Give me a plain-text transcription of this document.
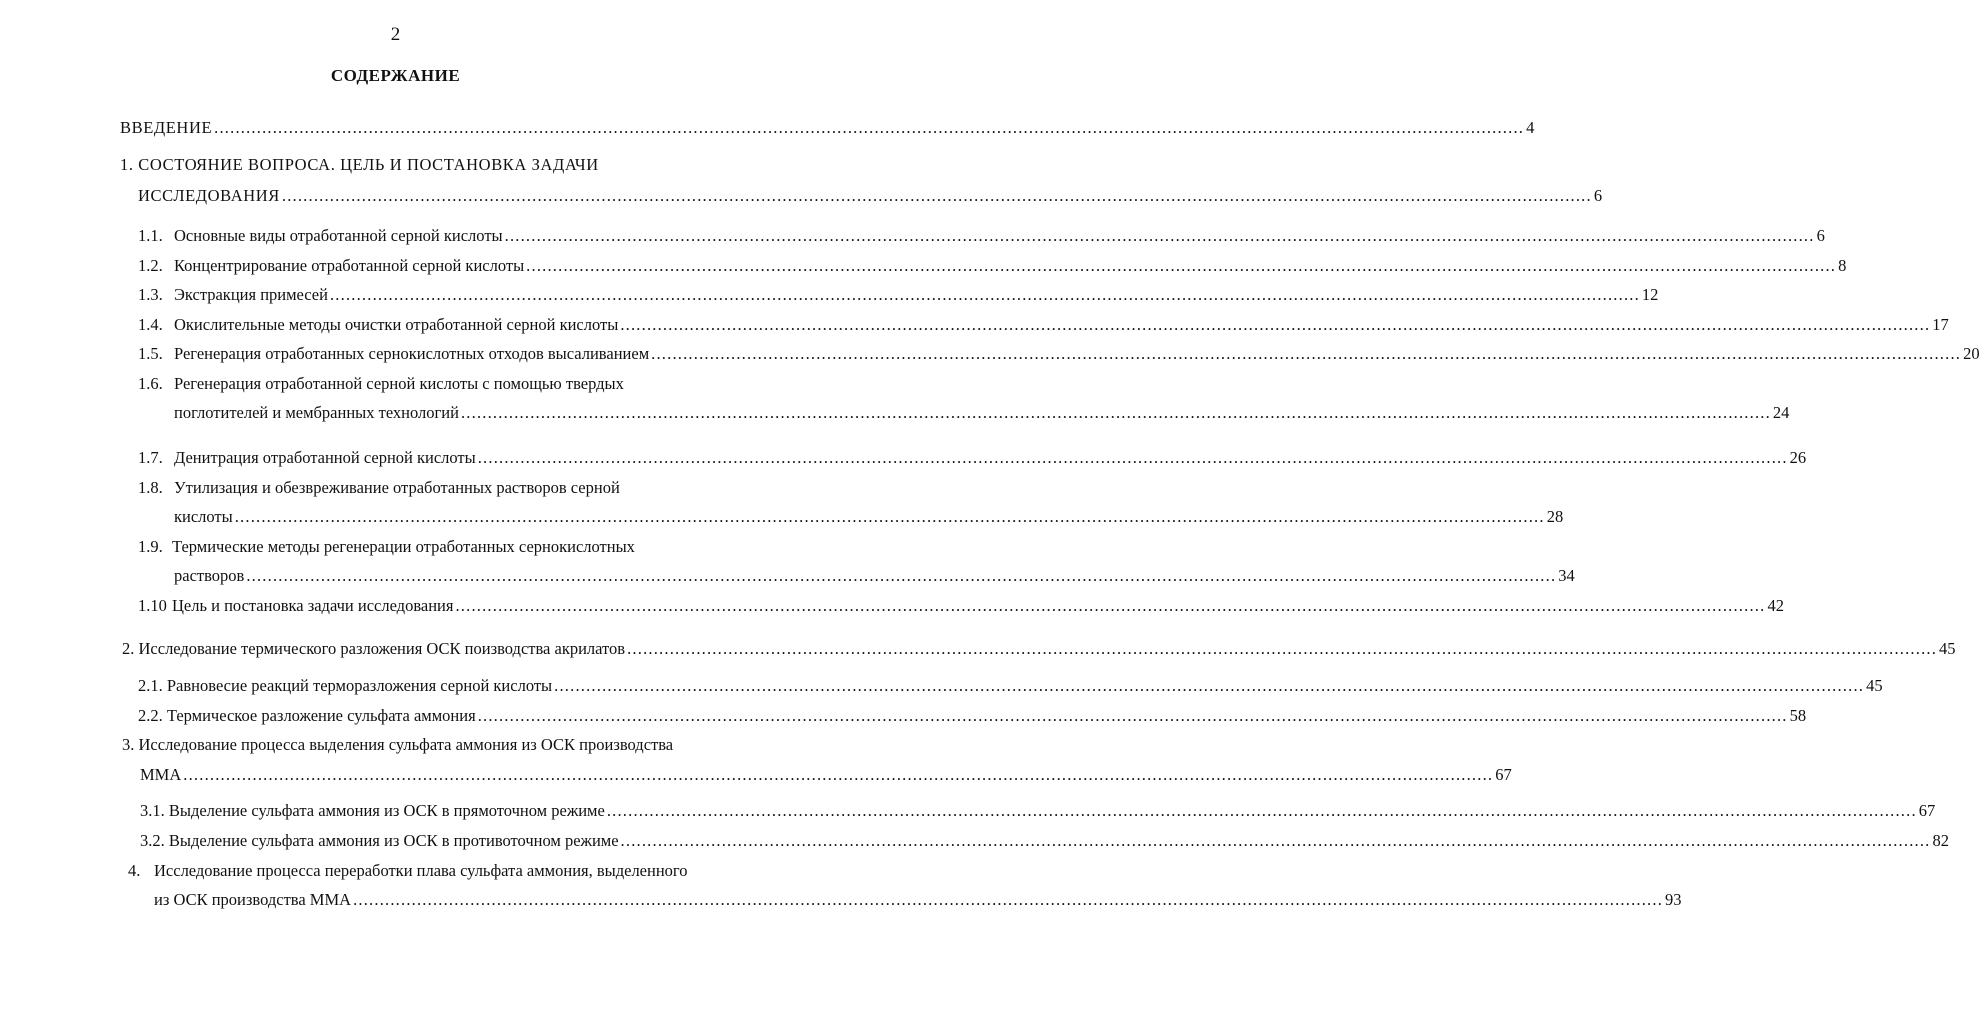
2
СОДЕРЖАНИЕ
ВВЕДЕНИЕ ...................................................................................................................................................................................................................................................... 4
1. СОСТОЯНИЕ ВОПРОСА. ЦЕЛЬ И ПОСТАНОВКА ЗАДАЧИ
ИССЛЕДОВАНИЯ ...................................................................................................................................................................................................................................................... 6
1.1. Основные виды отработанной серной кислоты ...................................................................................................................................................................................................................................................... 6
1.2. Концентрирование отработанной серной кислоты ...................................................................................................................................................................................................................................................... 8
1.3. Экстракция примесей ...................................................................................................................................................................................................................................................... 12
1.4. Окислительные методы очистки отработанной серной кислоты ...................................................................................................................................................................................................................................................... 17
1.5. Регенерация отработанных сернокислотных отходов высаливанием ...................................................................................................................................................................................................................................................... 20
1.6. Регенерация отработанной серной кислоты с помощью твердых
поглотителей и мембранных технологий ...................................................................................................................................................................................................................................................... 24
1.7. Денитрация отработанной серной кислоты ...................................................................................................................................................................................................................................................... 26
1.8. Утилизация и обезвреживание отработанных растворов серной
кислоты ...................................................................................................................................................................................................................................................... 28
1.9. Термические методы регенерации отработанных сернокислотных
растворов ...................................................................................................................................................................................................................................................... 34
1.10 Цель и постановка задачи исследования ...................................................................................................................................................................................................................................................... 42
2. Исследование термического разложения ОСК поизводства акрилатов ...................................................................................................................................................................................................................................................... 45
2.1. Равновесие реакций терморазложения серной кислоты ...................................................................................................................................................................................................................................................... 45
2.2. Термическое разложение сульфата аммония ...................................................................................................................................................................................................................................................... 58
3. Исследование процесса выделения сульфата аммония из ОСК производства
ММА ...................................................................................................................................................................................................................................................... 67
3.1. Выделение сульфата аммония из ОСК в прямоточном режиме ...................................................................................................................................................................................................................................................... 67
3.2. Выделение сульфата аммония из ОСК в противоточном режиме ...................................................................................................................................................................................................................................................... 82
4. Исследование процесса переработки плава сульфата аммония, выделенного
из ОСК производства ММА ...................................................................................................................................................................................................................................................... 93
